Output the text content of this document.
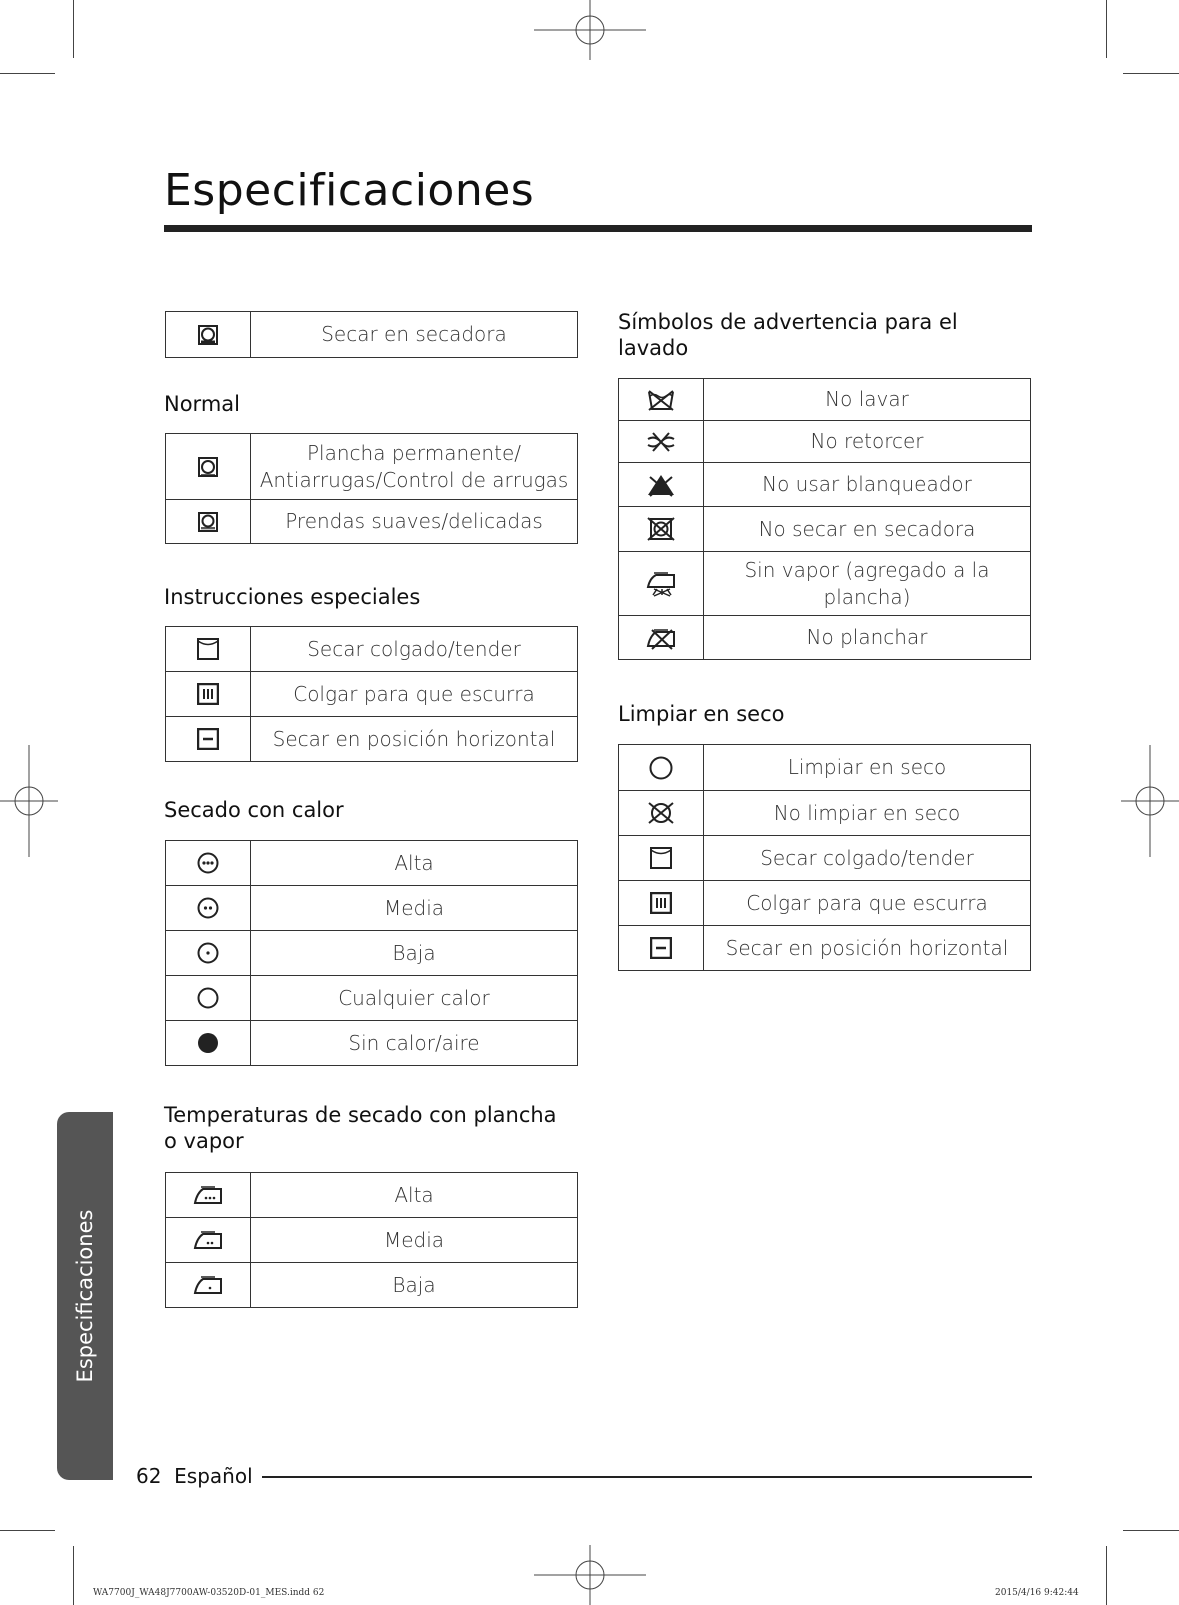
Especificaciones
	Secar en secadora
Normal
	Plancha permanente/
Antiarrugas/Control de arrugas

	Prendas suaves/delicadas
Instrucciones especiales
	Secar colgado/tender

	Colgar para que escurra

	Secar en posición horizontal
Secado con calor
	Alta

	Media

	Baja

	Cualquier calor

	Sin calor/aire
Temperaturas de secado con plancha
o vapor
	Alta

	Media

	Baja
Símbolos de advertencia para el
lavado
	No lavar

	No retorcer

	No usar blanqueador

	No secar en secadora

	Sin vapor (agregado a la
plancha)

	No planchar
Limpiar en seco
	Limpiar en seco

	No limpiar en seco

	Secar colgado/tender

	Colgar para que escurra

	Secar en posición horizontal
Especificaciones
62 Español
WA7700J_WA48J7700AW-03520D-01_MES.indd 62	2015/4/16 9:42:44
